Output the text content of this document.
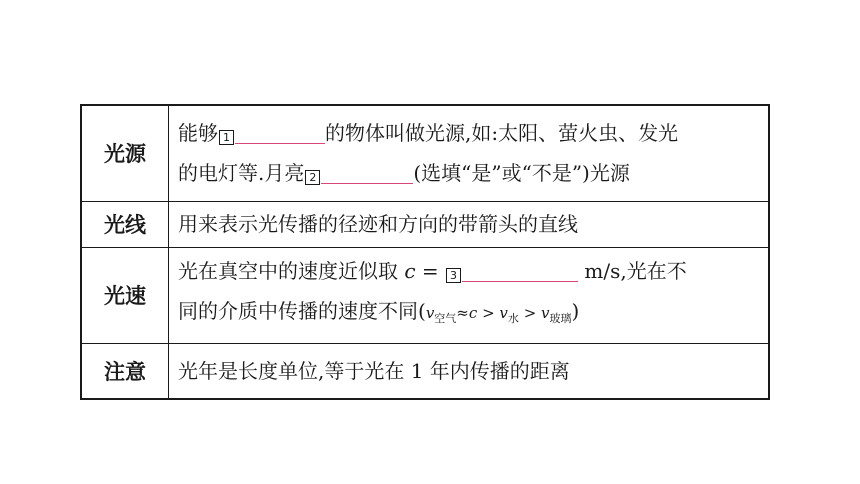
光源	能够 1 的物体叫做光源,如:太阳、萤火虫、发光
的电灯等.月亮 2 (选填“是”或“不是”)光源

光线	用来表示光传播的径迹和方向的带箭头的直线
光速	光在真空中的速度近似取 c = 3 m/s,光在不
同的介质中传播的速度不同$(v_{空气}\approx c > v_水 > v_{玻璃})$

注意	光年是长度单位,等于光在 1 年内传播的距离
